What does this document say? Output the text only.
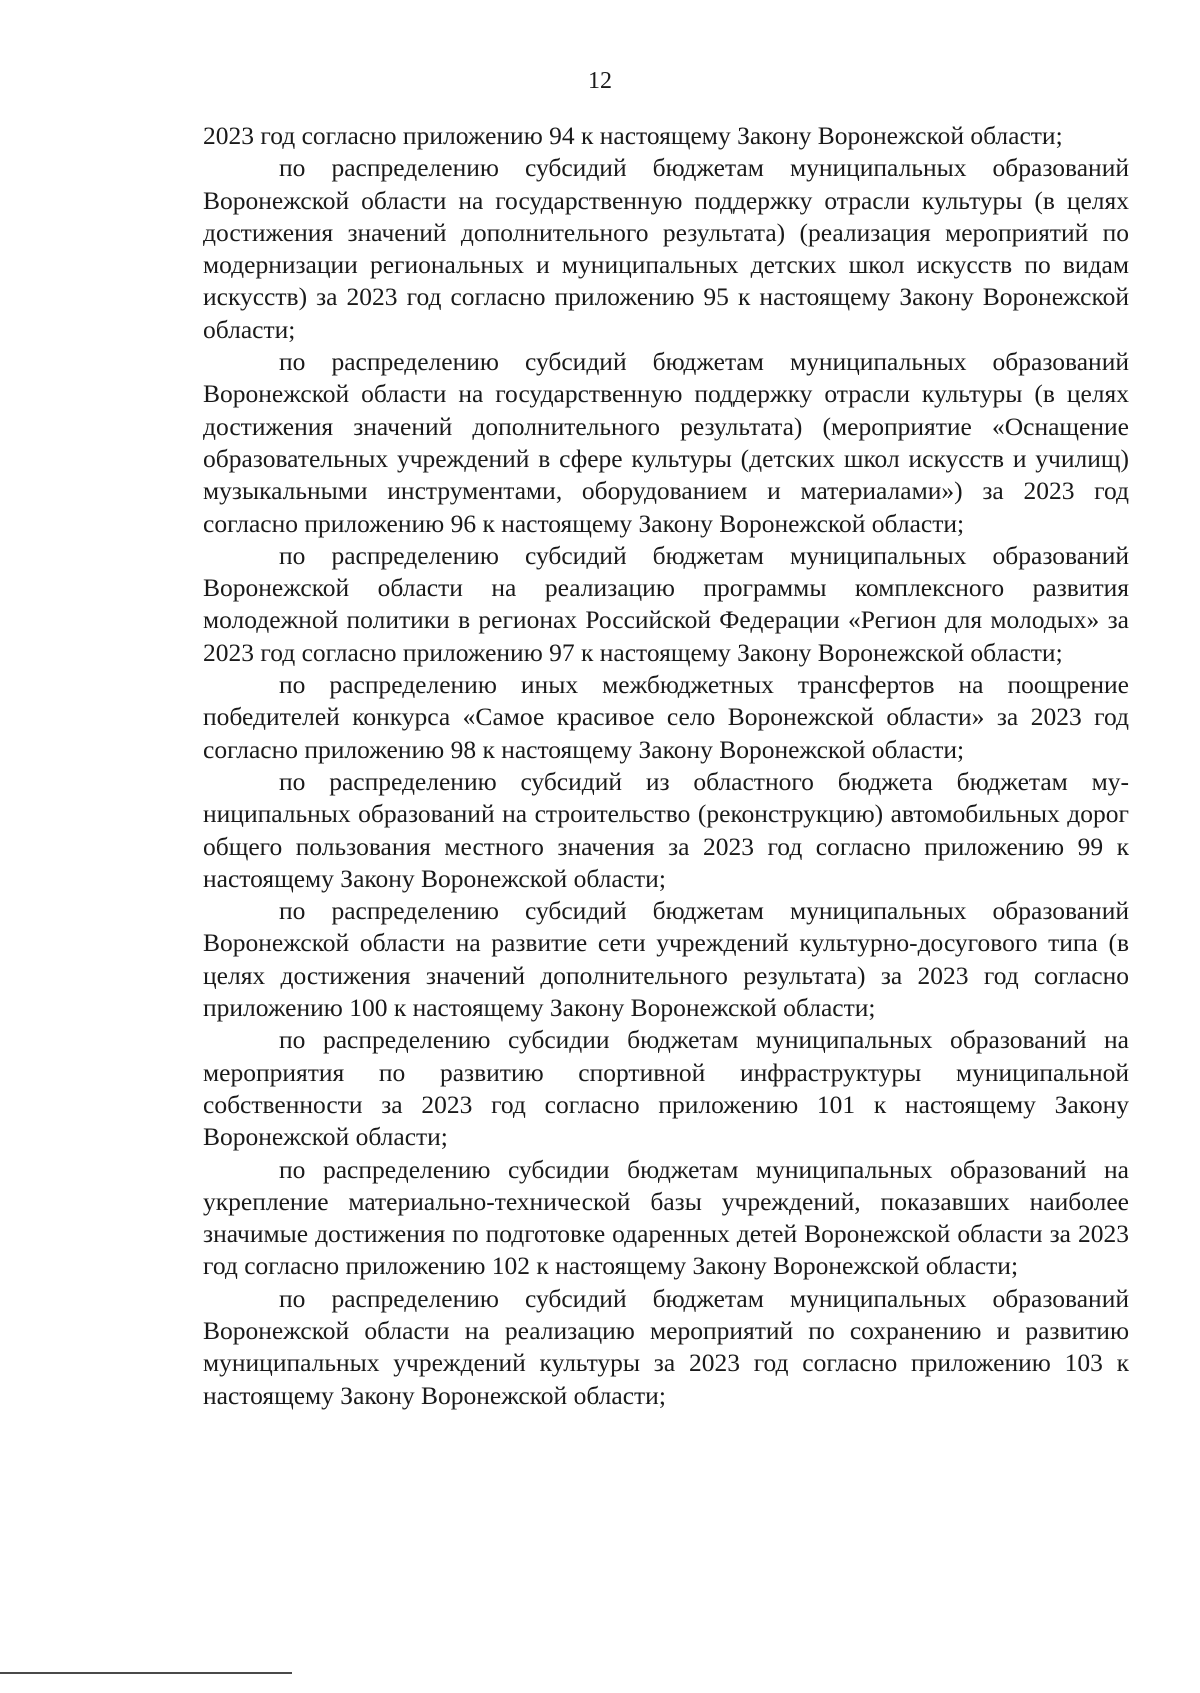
12

2023 год согласно приложению 94 к настоящему Закону Воронежской области;

по распределению субсидий бюджетам муниципальных образований Воронежской области на государственную поддержку отрасли культуры (в целях достижения значений дополнительного результата) (реализация мероприятий по модернизации региональных и муниципальных детских школ искусств по видам искусств) за 2023 год согласно приложению 95 к настоящему Закону Воронежской области;

по распределению субсидий бюджетам муниципальных образований Воронежской области на государственную поддержку отрасли культуры (в целях достижения значений дополнительного результата) (мероприятие «Оснащение образовательных учреждений в сфере культуры (детских школ искусств и училищ) музыкальными инструментами, оборудованием и материалами») за 2023 год согласно приложению 96 к настоящему Закону Воронежской области;

по распределению субсидий бюджетам муниципальных образований Воронежской области на реализацию программы комплексного развития молодежной политики в регионах Российской Федерации «Регион для молодых» за 2023 год согласно приложению 97 к настоящему Закону Воронежской области;

по распределению иных межбюджетных трансфертов на поощрение победителей конкурса «Самое красивое село Воронежской области» за 2023 год согласно приложению 98 к настоящему Закону Воронежской области;

по распределению субсидий из областного бюджета бюджетам муниципальных образований на строительство (реконструкцию) автомобильных дорог общего пользования местного значения за 2023 год согласно приложению 99 к настоящему Закону Воронежской области;

по распределению субсидий бюджетам муниципальных образований Воронежской области на развитие сети учреждений культурно-досугового типа (в целях достижения значений дополнительного результата) за 2023 год согласно приложению 100 к настоящему Закону Воронежской области;

по распределению субсидии бюджетам муниципальных образований на мероприятия по развитию спортивной инфраструктуры муниципальной собственности за 2023 год согласно приложению 101 к настоящему Закону Воронежской области;

по распределению субсидии бюджетам муниципальных образований на укрепление материально-технической базы учреждений, показавших наиболее значимые достижения по подготовке одаренных детей Воронежской области за 2023 год согласно приложению 102 к настоящему Закону Воронежской области;

по распределению субсидий бюджетам муниципальных образований Воронежской области на реализацию мероприятий по сохранению и развитию муниципальных учреждений культуры за 2023 год согласно приложению 103 к настоящему Закону Воронежской области;
